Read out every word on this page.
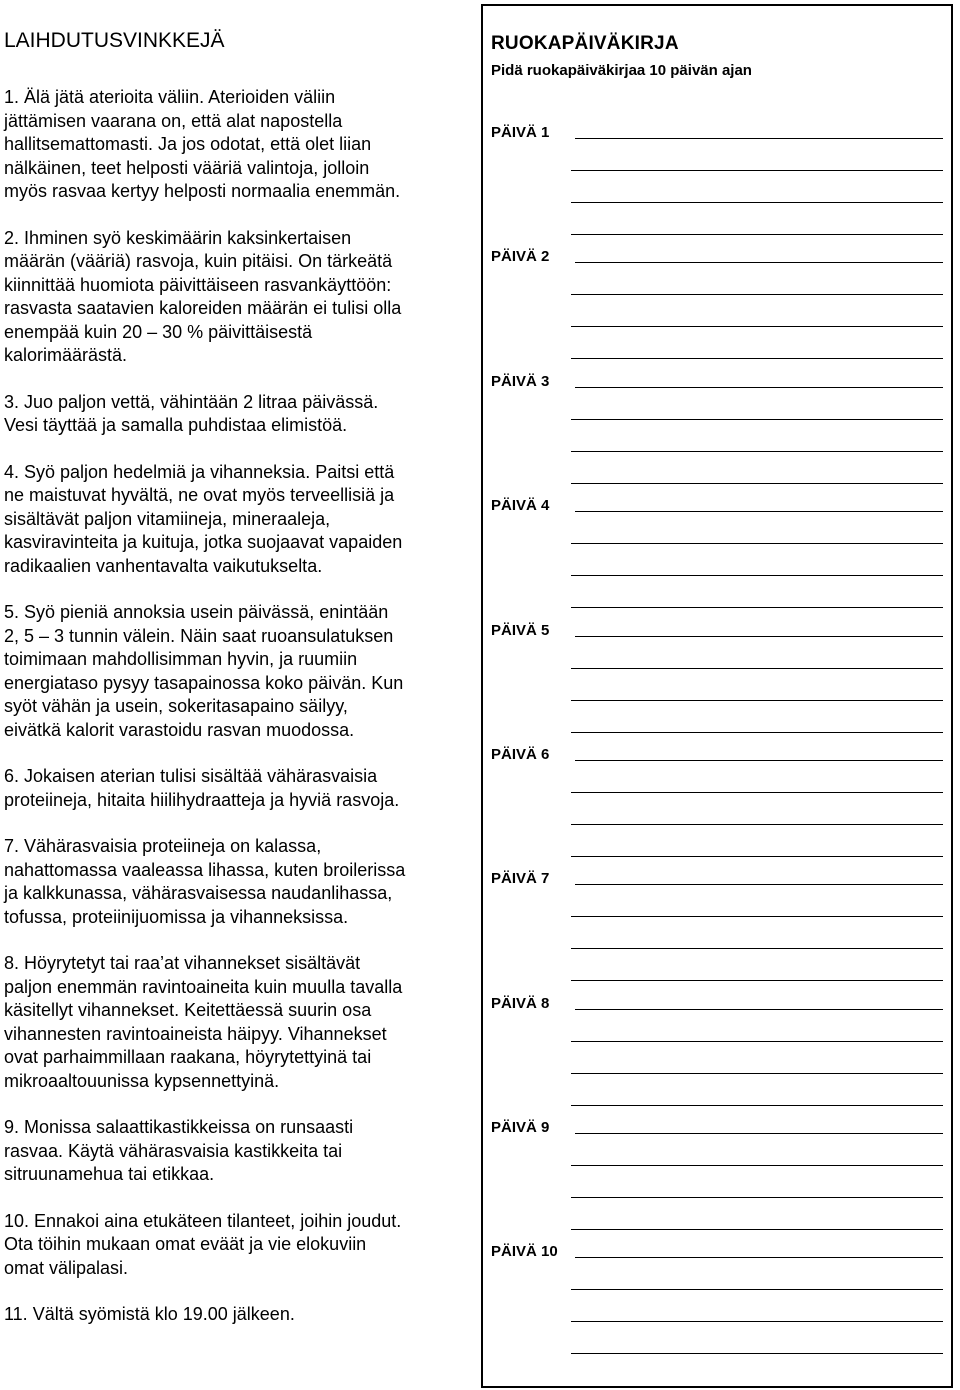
LAIHDUTUSVINKKEJÄ

1. Älä jätä aterioita väliin. Aterioiden väliin
jättämisen vaarana on, että alat napostella
hallitsemattomasti. Ja jos odotat, että olet liian
nälkäinen, teet helposti vääriä valintoja, jolloin
myös rasvaa kertyy helposti normaalia enemmän.

2. Ihminen syö keskimäärin kaksinkertaisen
määrän (vääriä) rasvoja, kuin pitäisi. On tärkeätä
kiinnittää huomiota päivittäiseen rasvankäyttöön:
rasvasta saatavien kaloreiden määrän ei tulisi olla
enempää kuin 20 – 30 % päivittäisestä
kalorimäärästä.

3. Juo paljon vettä, vähintään 2 litraa päivässä.
Vesi täyttää ja samalla puhdistaa elimistöä.

4. Syö paljon hedelmiä ja vihanneksia. Paitsi että
ne maistuvat hyvältä, ne ovat myös terveellisiä ja
sisältävät paljon vitamiineja, mineraaleja,
kasviravinteita ja kuituja, jotka suojaavat vapaiden
radikaalien vanhentavalta vaikutukselta.

5. Syö pieniä annoksia usein päivässä, enintään
2, 5 – 3 tunnin välein. Näin saat ruoansulatuksen
toimimaan mahdollisimman hyvin, ja ruumiin
energiataso pysyy tasapainossa koko päivän. Kun
syöt vähän ja usein, sokeritasapaino säilyy,
eivätkä kalorit varastoidu rasvan muodossa.

6. Jokaisen aterian tulisi sisältää vähärasvaisia
proteiineja, hitaita hiilihydraatteja ja hyviä rasvoja.

7. Vähärasvaisia proteiineja on kalassa,
nahattomassa vaaleassa lihassa, kuten broilerissa
ja kalkkunassa, vähärasvaisessa naudanlihassa,
tofussa, proteiinijuomissa ja vihanneksissa.

8. Höyrytetyt tai raa’at vihannekset sisältävät
paljon enemmän ravintoaineita kuin muulla tavalla
käsitellyt vihannekset. Keitettäessä suurin osa
vihannesten ravintoaineista häipyy. Vihannekset
ovat parhaimmillaan raakana, höyrytettyinä tai
mikroaaltouunissa kypsennettyinä.

9. Monissa salaattikastikkeissa on runsaasti
rasvaa. Käytä vähärasvaisia kastikkeita tai
sitruunamehua tai etikkaa.

10. Ennakoi aina etukäteen tilanteet, joihin joudut.
Ota töihin mukaan omat eväät ja vie elokuviin
omat välipalasi.

11. Vältä syömistä klo 19.00 jälkeen.

RUOKAPÄIVÄKIRJA
Pidä ruokapäiväkirjaa 10 päivän ajan
PÄIVÄ 1
PÄIVÄ 2
PÄIVÄ 3
PÄIVÄ 4
PÄIVÄ 5
PÄIVÄ 6
PÄIVÄ 7
PÄIVÄ 8
PÄIVÄ 9
PÄIVÄ 10
